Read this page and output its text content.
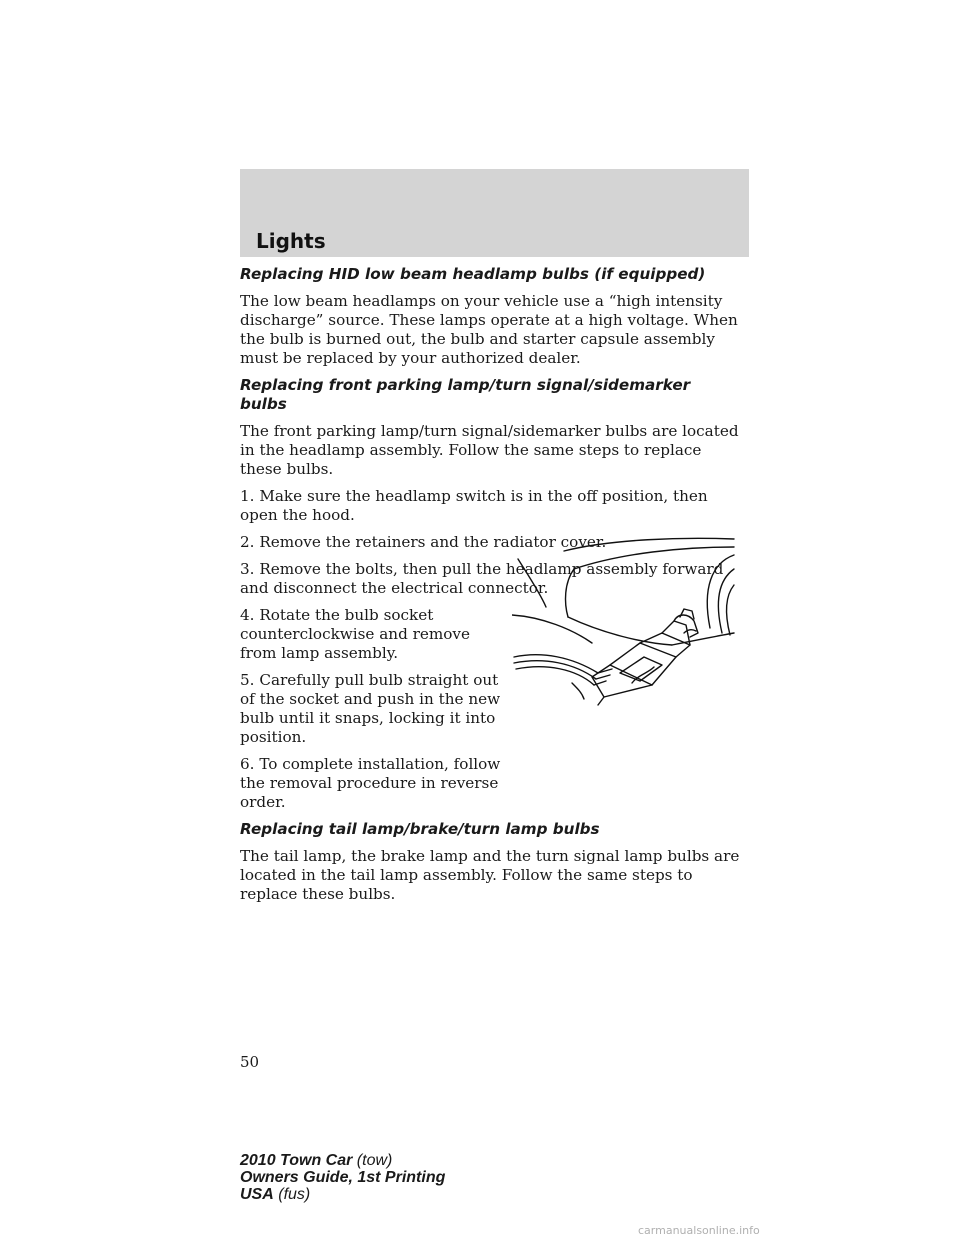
Lights
Replacing HID low beam headlamp bulbs (if equipped)

The low beam headlamps on your vehicle use a “high intensity discharge” source. These lamps operate at a high voltage. When the bulb is burned out, the bulb and starter capsule assembly must be replaced by your authorized dealer.

Replacing front parking lamp/turn signal/sidemarker bulbs

The front parking lamp/turn signal/sidemarker bulbs are located in the headlamp assembly. Follow the same steps to replace these bulbs.

1. Make sure the headlamp switch is in the off position, then open the hood.

2. Remove the retainers and the radiator cover.

3. Remove the bolts, then pull the headlamp assembly forward and disconnect the electrical connector.

4. Rotate the bulb socket counterclockwise and remove from lamp assembly.

5. Carefully pull bulb straight out of the socket and push in the new bulb until it snaps, locking it into position.

6. To complete installation, follow the removal procedure in reverse order.

Replacing tail lamp/brake/turn lamp bulbs

The tail lamp, the brake lamp and the turn signal lamp bulbs are located in the tail lamp assembly. Follow the same steps to replace these bulbs.

50
2010 Town Car (tow)
Owners Guide, 1st Printing
USA (fus)
carmanualsonline.info
